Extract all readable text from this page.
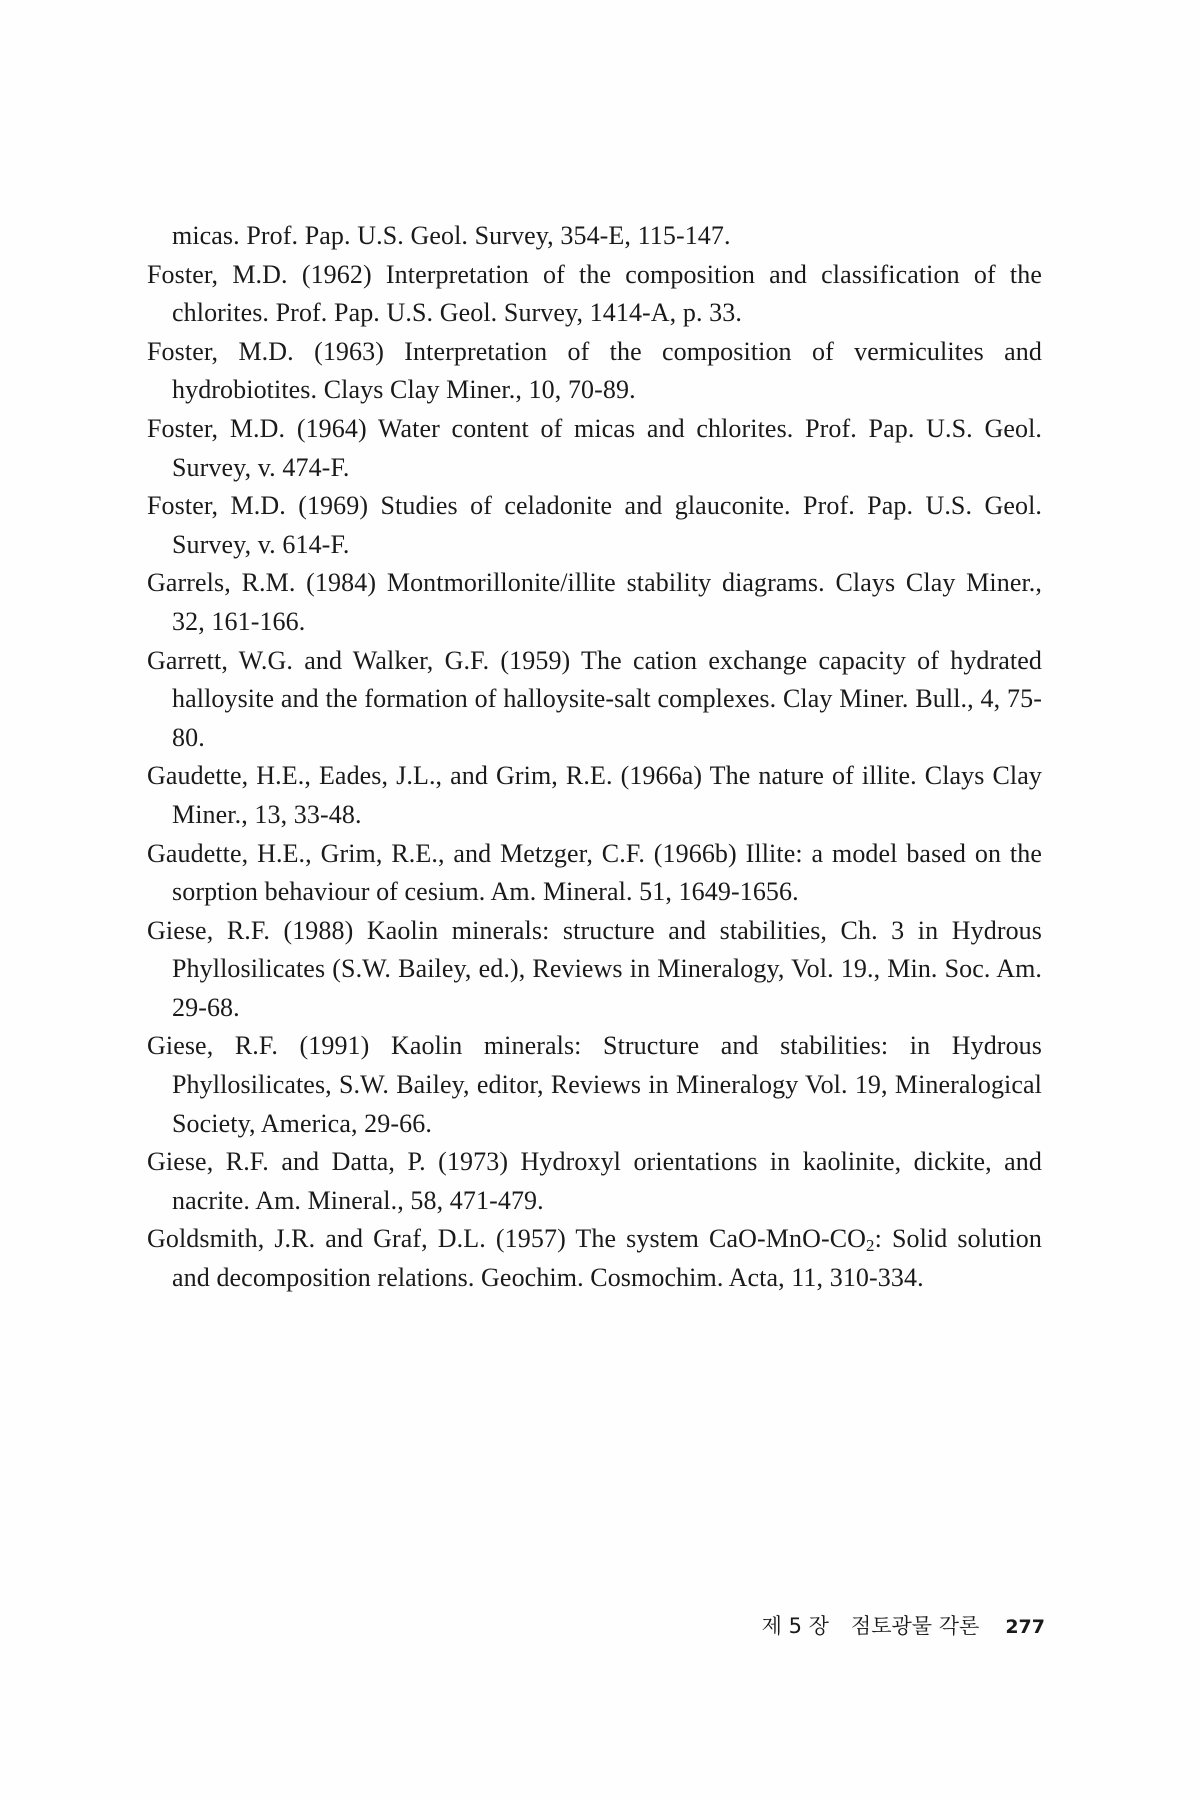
micas. Prof. Pap. U.S. Geol. Survey, 354-E, 115-147.

Foster, M.D. (1962) Interpretation of the composition and classification of the chlorites. Prof. Pap. U.S. Geol. Survey, 1414-A, p. 33.

Foster, M.D. (1963) Interpretation of the composition of vermiculites and hydrobiotites. Clays Clay Miner., 10, 70-89.

Foster, M.D. (1964) Water content of micas and chlorites. Prof. Pap. U.S. Geol. Survey, v. 474-F.

Foster, M.D. (1969) Studies of celadonite and glauconite. Prof. Pap. U.S. Geol. Survey, v. 614-F.

Garrels, R.M. (1984) Montmorillonite/illite stability diagrams. Clays Clay Miner., 32, 161-166.

Garrett, W.G. and Walker, G.F. (1959) The cation exchange capacity of hydrated halloysite and the formation of halloysite-salt complexes. Clay Miner. Bull., 4, 75-80.

Gaudette, H.E., Eades, J.L., and Grim, R.E. (1966a) The nature of illite. Clays Clay Miner., 13, 33-48.

Gaudette, H.E., Grim, R.E., and Metzger, C.F. (1966b) Illite: a model based on the sorption behaviour of cesium. Am. Mineral. 51, 1649-1656.

Giese, R.F. (1988) Kaolin minerals: structure and stabilities, Ch. 3 in Hydrous Phyllosilicates (S.W. Bailey, ed.), Reviews in Mineralogy, Vol. 19., Min. Soc. Am. 29-68.

Giese, R.F. (1991) Kaolin minerals: Structure and stabilities: in Hydrous Phyllosilicates, S.W. Bailey, editor, Reviews in Mineralogy Vol. 19, Mineralogical Society, America, 29-66.

Giese, R.F. and Datta, P. (1973) Hydroxyl orientations in kaolinite, dickite, and nacrite. Am. Mineral., 58, 471-479.

Goldsmith, J.R. and Graf, D.L. (1957) The system CaO-$MnO-CO_2$: Solid solution and decomposition relations. Geochim. Cosmochim. Acta, 11, 310-334.

제 5 장 점토광물 각론 277
